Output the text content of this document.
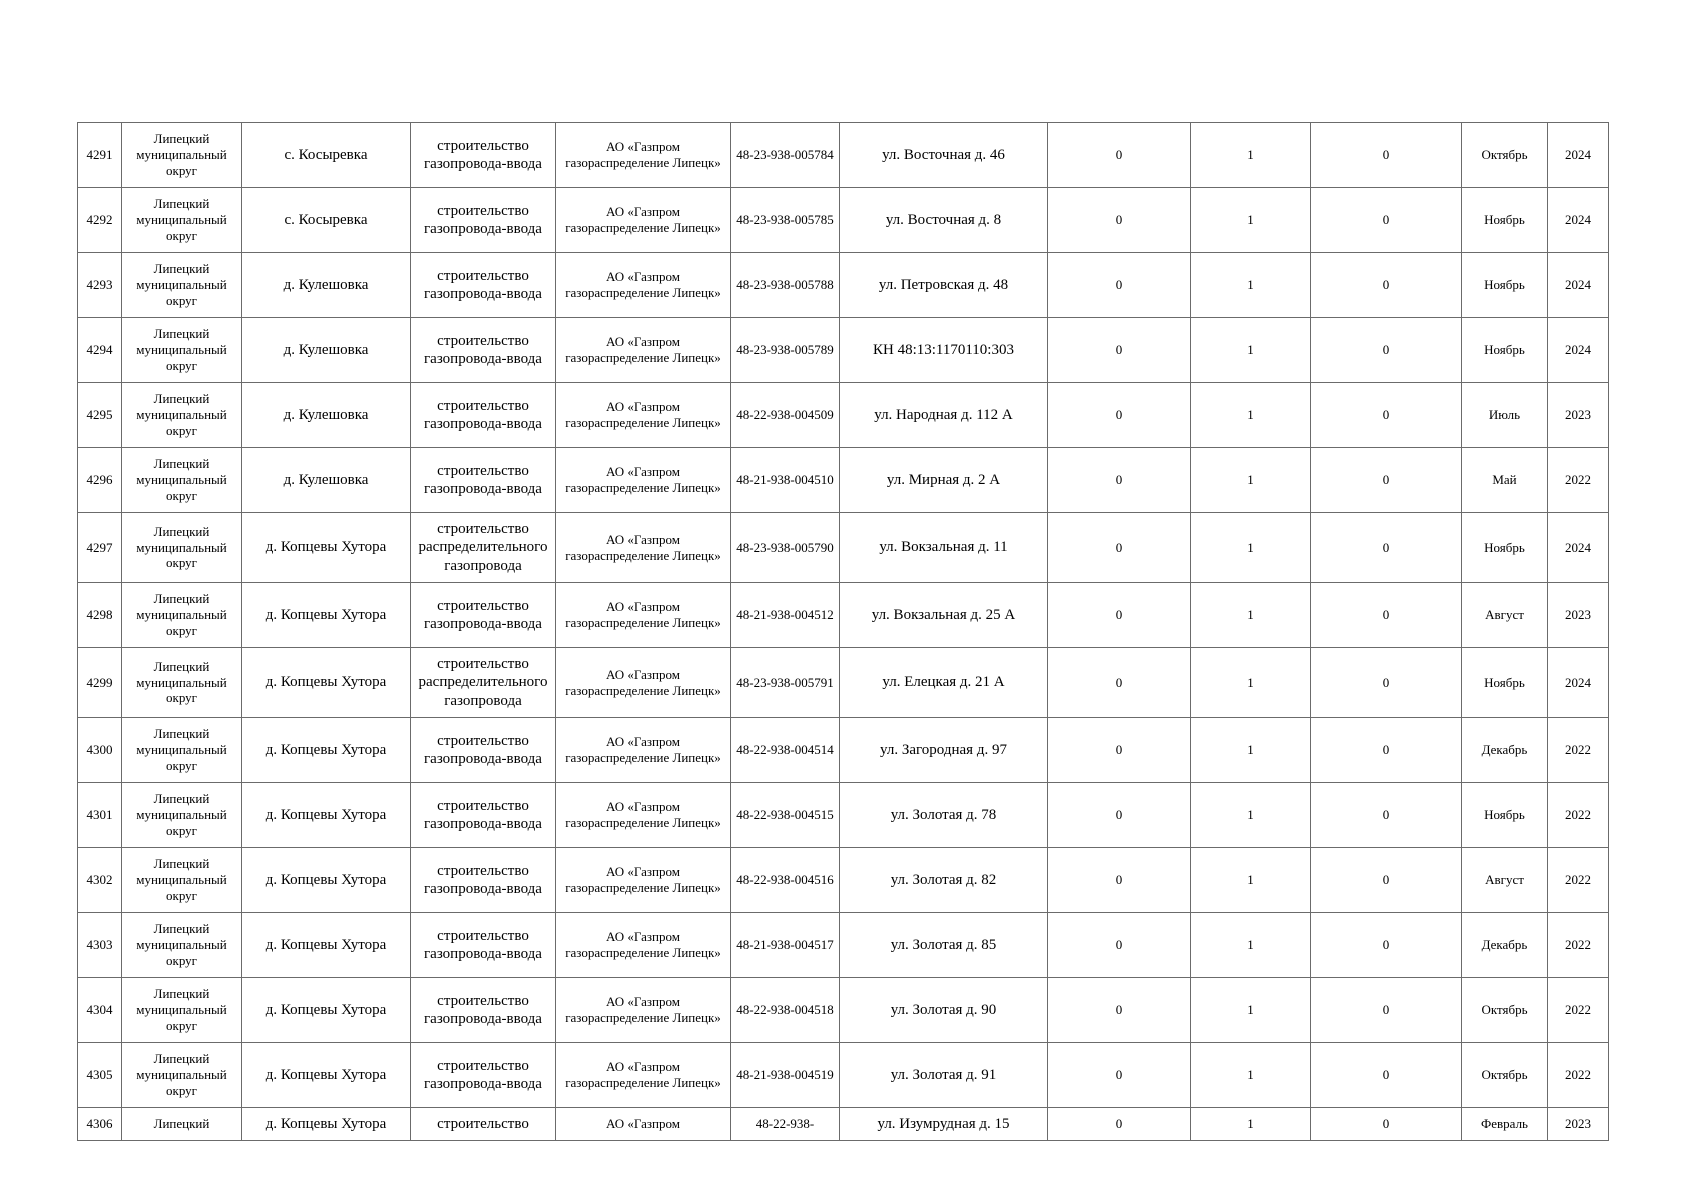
4291	Липецкий муниципальный округ	с. Косыревка	строительство газопровода-ввода	АО «Газпром газораспределение Липецк»	48-23-938-005784	ул. Восточная д. 46	0	1	0	Октябрь	2024
4292	Липецкий муниципальный округ	с. Косыревка	строительство газопровода-ввода	АО «Газпром газораспределение Липецк»	48-23-938-005785	ул. Восточная д. 8	0	1	0	Ноябрь	2024
4293	Липецкий муниципальный округ	д. Кулешовка	строительство газопровода-ввода	АО «Газпром газораспределение Липецк»	48-23-938-005788	ул. Петровская д. 48	0	1	0	Ноябрь	2024
4294	Липецкий муниципальный округ	д. Кулешовка	строительство газопровода-ввода	АО «Газпром газораспределение Липецк»	48-23-938-005789	КН 48:13:1170110:303	0	1	0	Ноябрь	2024
4295	Липецкий муниципальный округ	д. Кулешовка	строительство газопровода-ввода	АО «Газпром газораспределение Липецк»	48-22-938-004509	ул. Народная д. 112 А	0	1	0	Июль	2023
4296	Липецкий муниципальный округ	д. Кулешовка	строительство газопровода-ввода	АО «Газпром газораспределение Липецк»	48-21-938-004510	ул. Мирная д. 2 А	0	1	0	Май	2022
4297	Липецкий муниципальный округ	д. Копцевы Хутора	строительство распределительного газопровода	АО «Газпром газораспределение Липецк»	48-23-938-005790	ул. Вокзальная д. 11	0	1	0	Ноябрь	2024
4298	Липецкий муниципальный округ	д. Копцевы Хутора	строительство газопровода-ввода	АО «Газпром газораспределение Липецк»	48-21-938-004512	ул. Вокзальная д. 25 А	0	1	0	Август	2023
4299	Липецкий муниципальный округ	д. Копцевы Хутора	строительство распределительного газопровода	АО «Газпром газораспределение Липецк»	48-23-938-005791	ул. Елецкая д. 21 А	0	1	0	Ноябрь	2024
4300	Липецкий муниципальный округ	д. Копцевы Хутора	строительство газопровода-ввода	АО «Газпром газораспределение Липецк»	48-22-938-004514	ул. Загородная д. 97	0	1	0	Декабрь	2022
4301	Липецкий муниципальный округ	д. Копцевы Хутора	строительство газопровода-ввода	АО «Газпром газораспределение Липецк»	48-22-938-004515	ул. Золотая д. 78	0	1	0	Ноябрь	2022
4302	Липецкий муниципальный округ	д. Копцевы Хутора	строительство газопровода-ввода	АО «Газпром газораспределение Липецк»	48-22-938-004516	ул. Золотая д. 82	0	1	0	Август	2022
4303	Липецкий муниципальный округ	д. Копцевы Хутора	строительство газопровода-ввода	АО «Газпром газораспределение Липецк»	48-21-938-004517	ул. Золотая д. 85	0	1	0	Декабрь	2022
4304	Липецкий муниципальный округ	д. Копцевы Хутора	строительство газопровода-ввода	АО «Газпром газораспределение Липецк»	48-22-938-004518	ул. Золотая д. 90	0	1	0	Октябрь	2022
4305	Липецкий муниципальный округ	д. Копцевы Хутора	строительство газопровода-ввода	АО «Газпром газораспределение Липецк»	48-21-938-004519	ул. Золотая д. 91	0	1	0	Октябрь	2022
4306	Липецкий	д. Копцевы Хутора	строительство	АО «Газпром	48-22-938-	ул. Изумрудная д. 15	0	1	0	Февраль	2023
